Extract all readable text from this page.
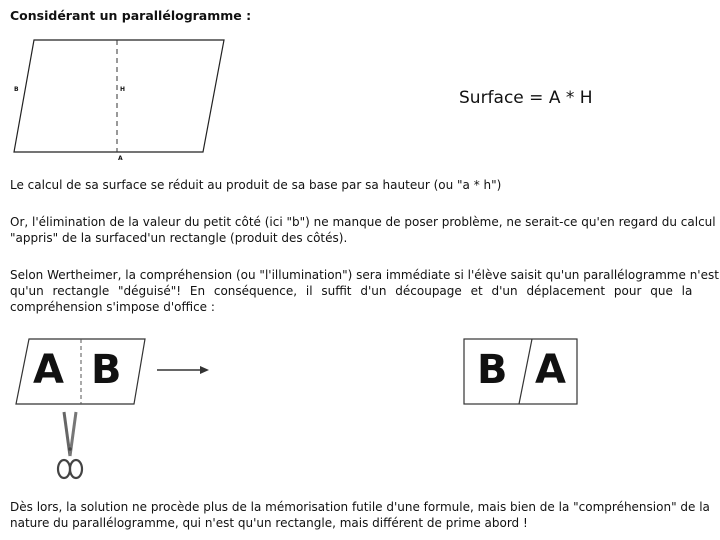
Considérant un parallélogramme :
B	H
A
Surface = A * H
Le calcul de sa surface se réduit au produit de sa base par sa hauteur (ou "a * h")
Or, l'élimination de la valeur du petit côté (ici "b") ne manque de poser problème, ne serait-ce qu'en regard du calcul
"appris" de la surfaced'un rectangle (produit des côtés).
Selon Wertheimer, la compréhension (ou "l'illumination") sera immédiate si l'élève saisit qu'un parallélogramme n'est
qu'un rectangle "déguisé"! En conséquence, il suffit d'un découpage et d'un déplacement pour que la
compréhension s'impose d'office :
A B	B A
Dès lors, la solution ne procède plus de la mémorisation futile d'une formule, mais bien de la "compréhension" de la
nature du parallélogramme, qui n'est qu'un rectangle, mais différent de prime abord !
